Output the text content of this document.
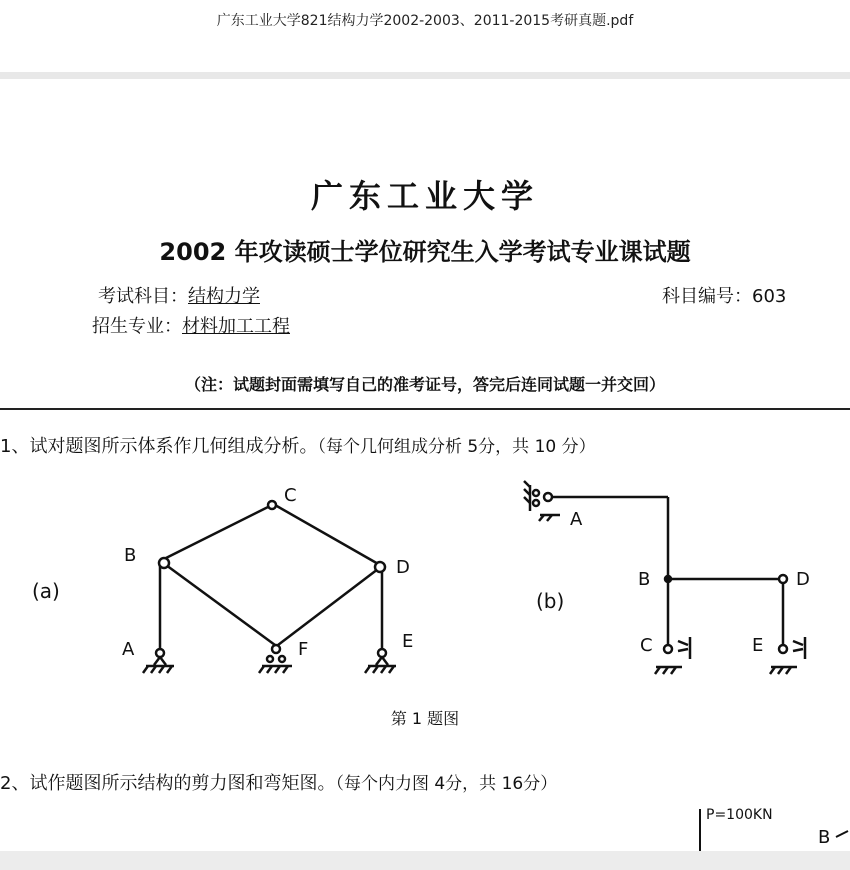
广东工业大学821结构力学2002-2003、2011-2015考研真题.pdf
广东工业大学
2002 年攻读硕士学位研究生入学考试专业课试题
考试科目：结构力学	科目编号：603
招生专业：材料加工工程
（注：试题封面需填写自己的准考证号，答完后连同试题一并交回）
1、试对题图所示体系作几何组成分析。（每个几何组成分析 5分，共 10 分）
(a)
A
B
C
D
E
F
(b)
A
B
C
D
E
第 1 题图
2、试作题图所示结构的剪力图和弯矩图。（每个内力图 4分，共 16分）
P=100KN
B
